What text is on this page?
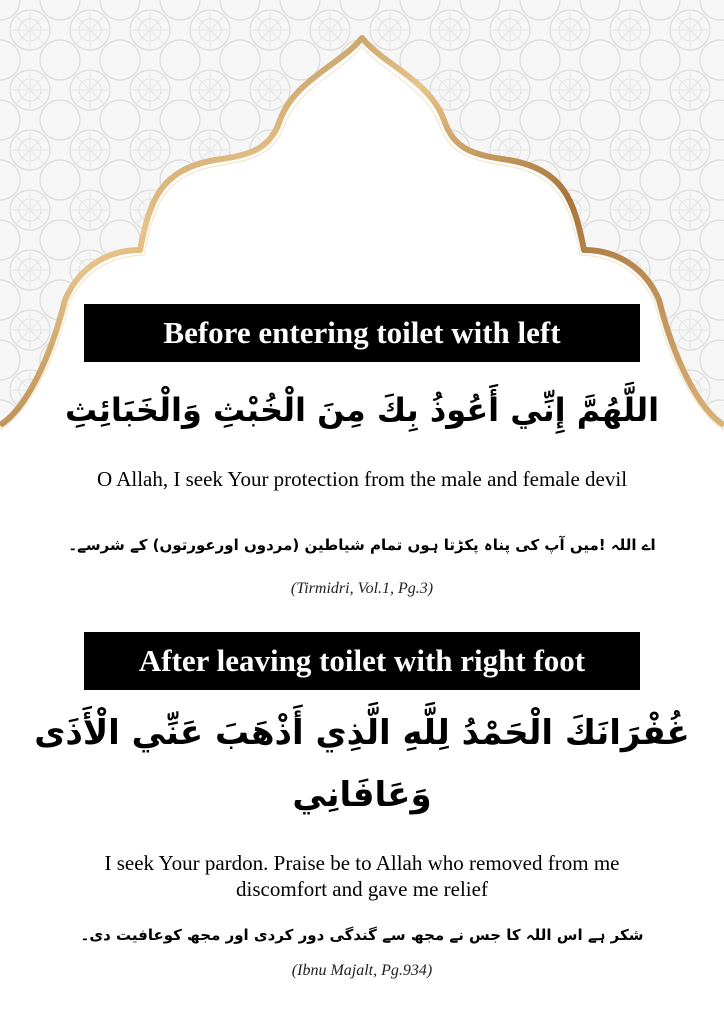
Before entering toilet with left
اللَّهُمَّ إِنِّي أَعُوذُ بِكَ مِنَ الْخُبْثِ وَالْخَبَائِثِ
O Allah, I seek Your protection from the male and female devil
اے اللہ !میں آپ کی پناہ پکڑتا ہوں تمام شیاطین (مردوں اورعورتوں) کے شرسے۔
(Tirmidri, Vol.1, Pg.3)
After leaving toilet with right foot
غُفْرَانَكَ الْحَمْدُ لِلَّهِ الَّذِي أَذْهَبَ عَنِّي الْأَذَى وَعَافَانِي
I seek Your pardon. Praise be to Allah who removed from me discomfort and gave me relief
شکر ہے اس اللہ کا جس نے مجھ سے گندگی دور کردی اور مجھ کوعافیت دی۔
(Ibnu Majalt, Pg.934)
